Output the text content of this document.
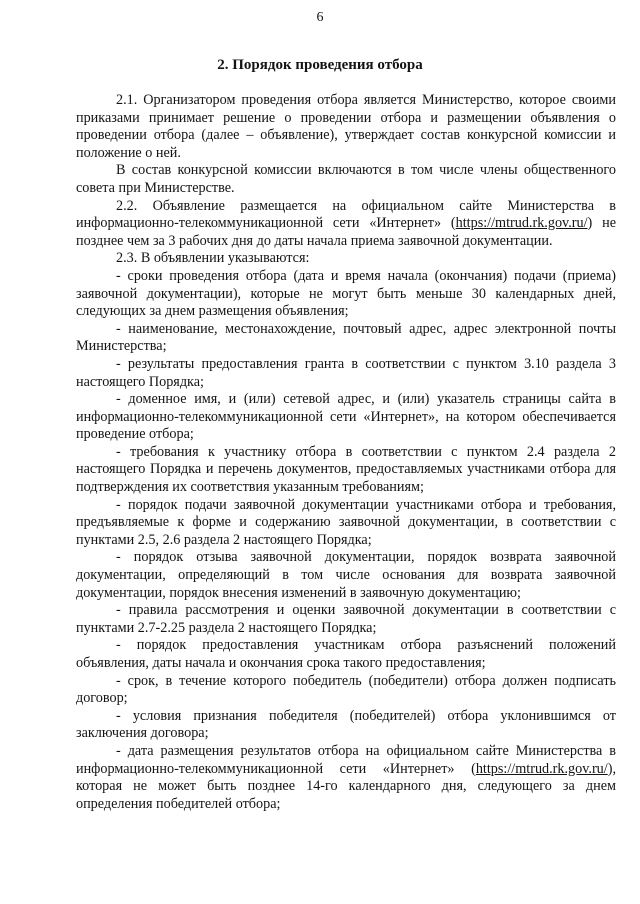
6
2. Порядок проведения отбора

2.1. Организатором проведения отбора является Министерство, которое своими приказами принимает решение о проведении отбора и размещении объявления о проведении отбора (далее – объявление), утверждает состав конкурсной комиссии и положение о ней.

В состав конкурсной комиссии включаются в том числе члены общественного совета при Министерстве.

2.2. Объявление размещается на официальном сайте Министерства в информационно-телекоммуникационной сети «Интернет» (https://mtrud.rk.gov.ru/) не позднее чем за 3 рабочих дня до даты начала приема заявочной документации.

2.3. В объявлении указываются:

- сроки проведения отбора (дата и время начала (окончания) подачи (приема) заявочной документации), которые не могут быть меньше 30 календарных дней, следующих за днем размещения объявления;

- наименование, местонахождение, почтовый адрес, адрес электронной почты Министерства;

- результаты предоставления гранта в соответствии с пунктом 3.10 раздела 3 настоящего Порядка;

- доменное имя, и (или) сетевой адрес, и (или) указатель страницы сайта в информационно-телекоммуникационной сети «Интернет», на котором обеспечивается проведение отбора;

- требования к участнику отбора в соответствии с пунктом 2.4 раздела 2 настоящего Порядка и перечень документов, предоставляемых участниками отбора для подтверждения их соответствия указанным требованиям;

- порядок подачи заявочной документации участниками отбора и требования, предъявляемые к форме и содержанию заявочной документации, в соответствии с пунктами 2.5, 2.6 раздела 2 настоящего Порядка;

- порядок отзыва заявочной документации, порядок возврата заявочной документации, определяющий в том числе основания для возврата заявочной документации, порядок внесения изменений в заявочную документацию;

- правила рассмотрения и оценки заявочной документации в соответствии с пунктами 2.7-2.25 раздела 2 настоящего Порядка;

- порядок предоставления участникам отбора разъяснений положений объявления, даты начала и окончания срока такого предоставления;

- срок, в течение которого победитель (победители) отбора должен подписать договор;

- условия признания победителя (победителей) отбора уклонившимся от заключения договора;

- дата размещения результатов отбора на официальном сайте Министерства в информационно-телекоммуникационной сети «Интернет» (https://mtrud.rk.gov.ru/), которая не может быть позднее 14-го календарного дня, следующего за днем определения победителей отбора;
